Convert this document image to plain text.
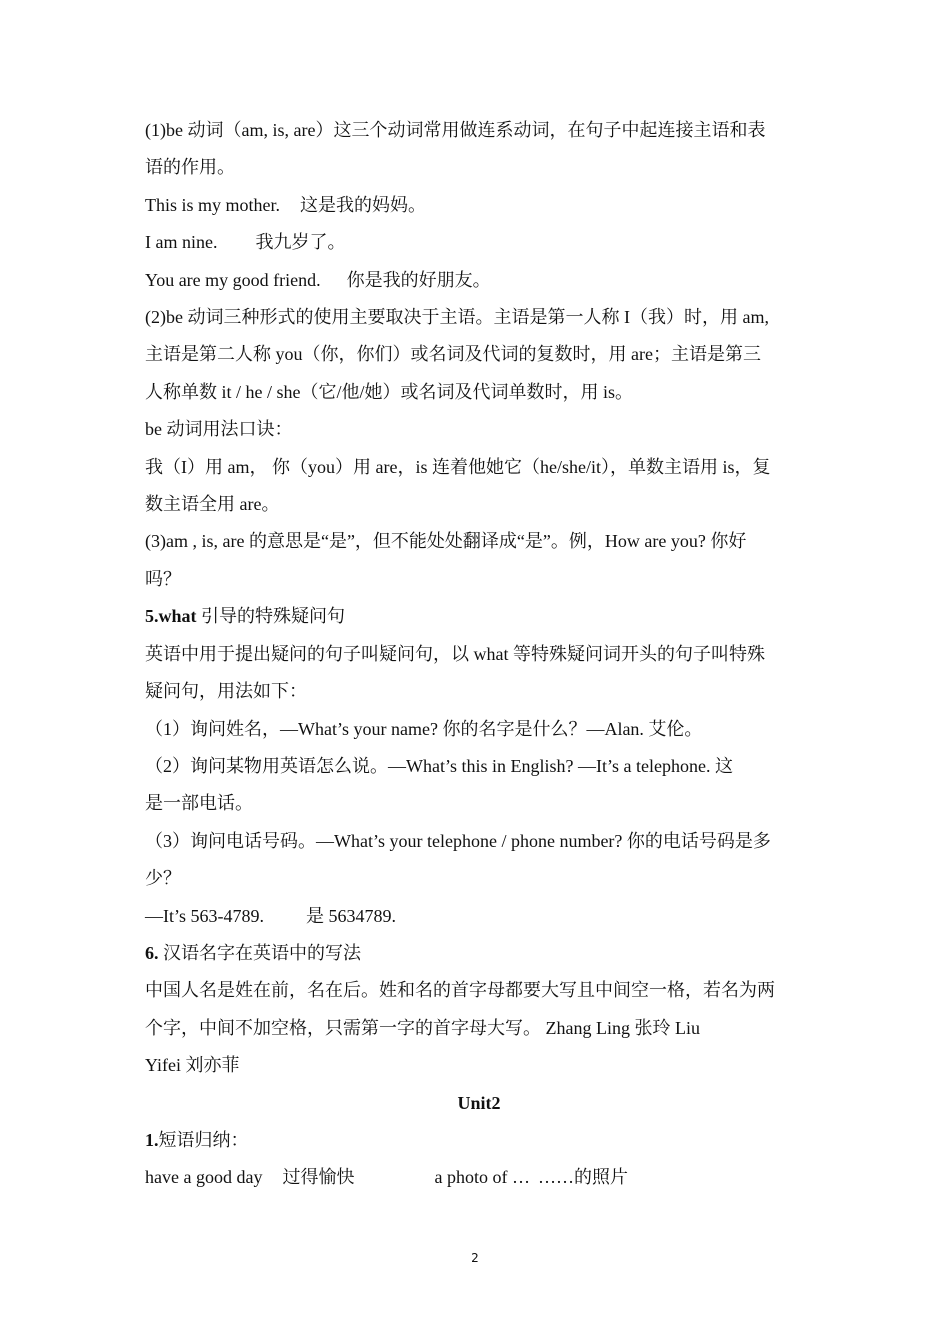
(1)be 动词（am, is, are）这三个动词常用做连系动词，在句子中起连接主语和表

语的作用。

This is my mother. 这是我的妈妈。

I am nine. 我九岁了。

You are my good friend. 你是我的好朋友。

(2)be 动词三种形式的使用主要取决于主语。主语是第一人称 I（我）时，用 am,

主语是第二人称 you（你，你们）或名词及代词的复数时，用 are；主语是第三

人称单数 it / he / she（它/他/她）或名词及代词单数时，用 is。

be 动词用法口诀：

我（I）用 am， 你（you）用 are，is 连着他她它（he/she/it），单数主语用 is，复

数主语全用 are。

(3)am , is, are 的意思是“是”，但不能处处翻译成“是”。例，How are you? 你好

吗？

5.what 引导的特殊疑问句

英语中用于提出疑问的句子叫疑问句，以 what 等特殊疑问词开头的句子叫特殊

疑问句，用法如下：

（1）询问姓名，—What’s your name? 你的名字是什么？—Alan. 艾伦。

（2）询问某物用英语怎么说。—What’s this in English? —It’s a telephone. 这

是一部电话。

（3）询问电话号码。—What’s your telephone / phone number? 你的电话号码是多

少？

—It’s 563-4789. 是 5634789.

6. 汉语名字在英语中的写法

中国人名是姓在前，名在后。姓和名的首字母都要大写且中间空一格，若名为两

个字，中间不加空格，只需第一字的首字母大写。 Zhang Ling 张玲 Liu

Yifei 刘亦菲

Unit2

1.短语归纳：

have a good day 过得愉快	a photo of … ……的照片

2
